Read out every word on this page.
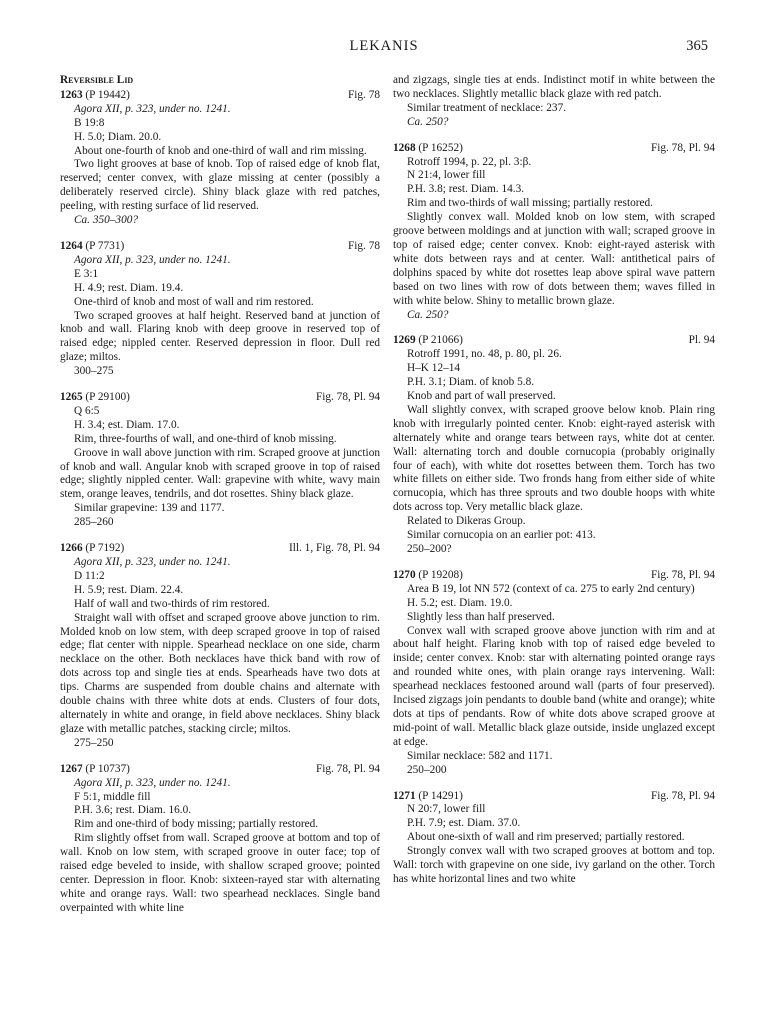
LEKANIS	365
Reversible Lid
1263 (P 19442)	Fig. 78

Agora XII, p. 323, under no. 1241.

B 19:8

H. 5.0; Diam. 20.0.

About one-fourth of knob and one-third of wall and rim missing.

Two light grooves at base of knob. Top of raised edge of knob flat, reserved; center convex, with glaze missing at center (possibly a deliberately reserved circle). Shiny black glaze with red patches, peeling, with resting surface of lid reserved.

Ca. 350–300?

1264 (P 7731)	Fig. 78

Agora XII, p. 323, under no. 1241.

E 3:1

H. 4.9; rest. Diam. 19.4.

One-third of knob and most of wall and rim restored.

Two scraped grooves at half height. Reserved band at junction of knob and wall. Flaring knob with deep groove in reserved top of raised edge; nippled center. Reserved depression in floor. Dull red glaze; miltos.

300–275

1265 (P 29100)	Fig. 78, Pl. 94

Q 6:5

H. 3.4; est. Diam. 17.0.

Rim, three-fourths of wall, and one-third of knob missing.

Groove in wall above junction with rim. Scraped groove at junction of knob and wall. Angular knob with scraped groove in top of raised edge; slightly nippled center. Wall: grapevine with white, wavy main stem, orange leaves, tendrils, and dot rosettes. Shiny black glaze.

Similar grapevine: 139 and 1177.

285–260

1266 (P 7192)	Ill. 1, Fig. 78, Pl. 94

Agora XII, p. 323, under no. 1241.

D 11:2

H. 5.9; rest. Diam. 22.4.

Half of wall and two-thirds of rim restored.

Straight wall with offset and scraped groove above junction to rim. Molded knob on low stem, with deep scraped groove in top of raised edge; flat center with nipple. Spearhead necklace on one side, charm necklace on the other. Both necklaces have thick band with row of dots across top and single ties at ends. Spearheads have two dots at tips. Charms are suspended from double chains and alternate with double chains with three white dots at ends. Clusters of four dots, alternately in white and orange, in field above necklaces. Shiny black glaze with metallic patches, stacking circle; miltos.

275–250

1267 (P 10737)	Fig. 78, Pl. 94

Agora XII, p. 323, under no. 1241.

F 5:1, middle fill

P.H. 3.6; rest. Diam. 16.0.

Rim and one-third of body missing; partially restored.

Rim slightly offset from wall. Scraped groove at bottom and top of wall. Knob on low stem, with scraped groove in outer face; top of raised edge beveled to inside, with shallow scraped groove; pointed center. Depression in floor. Knob: sixteen-rayed star with alternating white and orange rays. Wall: two spearhead necklaces. Single band overpainted with white line

and zigzags, single ties at ends. Indistinct motif in white between the two necklaces. Slightly metallic black glaze with red patch.

Similar treatment of necklace: 237.

Ca. 250?

1268 (P 16252)	Fig. 78, Pl. 94

Rotroff 1994, p. 22, pl. 3:β.

N 21:4, lower fill

P.H. 3.8; rest. Diam. 14.3.

Rim and two-thirds of wall missing; partially restored.

Slightly convex wall. Molded knob on low stem, with scraped groove between moldings and at junction with wall; scraped groove in top of raised edge; center convex. Knob: eight-rayed asterisk with white dots between rays and at center. Wall: antithetical pairs of dolphins spaced by white dot rosettes leap above spiral wave pattern based on two lines with row of dots between them; waves filled in with white below. Shiny to metallic brown glaze.

Ca. 250?

1269 (P 21066)	Pl. 94

Rotroff 1991, no. 48, p. 80, pl. 26.

H–K 12–14

P.H. 3.1; Diam. of knob 5.8.

Knob and part of wall preserved.

Wall slightly convex, with scraped groove below knob. Plain ring knob with irregularly pointed center. Knob: eight-rayed asterisk with alternately white and orange tears between rays, white dot at center. Wall: alternating torch and double cornucopia (probably originally four of each), with white dot rosettes between them. Torch has two white fillets on either side. Two fronds hang from either side of white cornucopia, which has three sprouts and two double hoops with white dots across top. Very metallic black glaze.

Related to Dikeras Group.

Similar cornucopia on an earlier pot: 413.

250–200?

1270 (P 19208)	Fig. 78, Pl. 94

Area B 19, lot NN 572 (context of ca. 275 to early 2nd century)

H. 5.2; est. Diam. 19.0.

Slightly less than half preserved.

Convex wall with scraped groove above junction with rim and at about half height. Flaring knob with top of raised edge beveled to inside; center convex. Knob: star with alternating pointed orange rays and rounded white ones, with plain orange rays intervening. Wall: spearhead necklaces festooned around wall (parts of four preserved). Incised zigzags join pendants to double band (white and orange); white dots at tips of pendants. Row of white dots above scraped groove at mid-point of wall. Metallic black glaze outside, inside unglazed except at edge.

Similar necklace: 582 and 1171.

250–200

1271 (P 14291)	Fig. 78, Pl. 94

N 20:7, lower fill

P.H. 7.9; est. Diam. 37.0.

About one-sixth of wall and rim preserved; partially restored.

Strongly convex wall with two scraped grooves at bottom and top. Wall: torch with grapevine on one side, ivy garland on the other. Torch has white horizontal lines and two white
